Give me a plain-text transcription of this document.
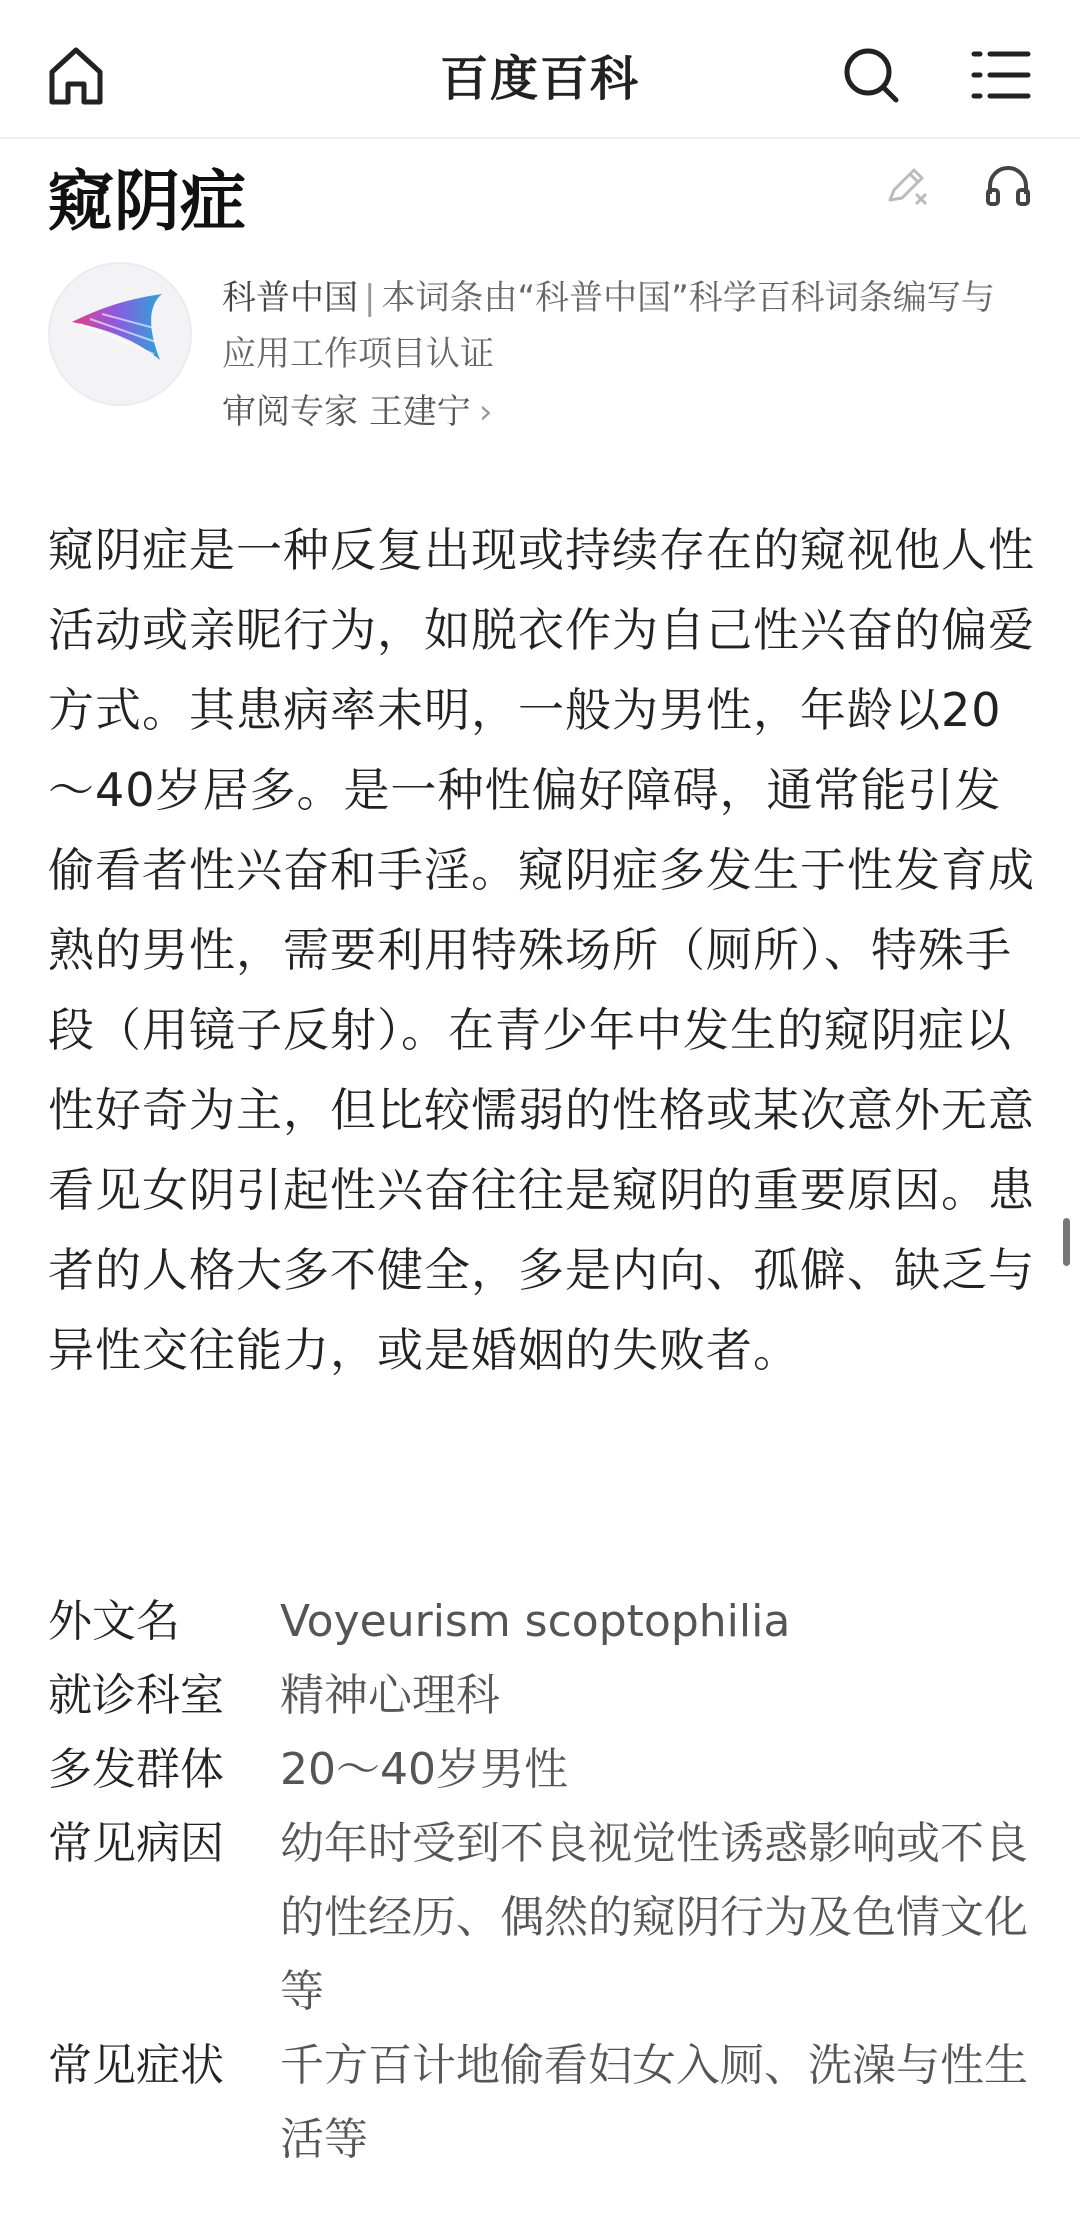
百度百科
窥阴症
科普中国 | 本词条由“科普中国”科学百科词条编写与应用工作项目认证
审阅专家 王建宁 ›
窥阴症是一种反复出现或持续存在的窥视他人性活动或亲昵行为，如脱衣作为自己性兴奋的偏爱方式。其患病率未明，一般为男性，年龄以20～40岁居多。是一种性偏好障碍，通常能引发偷看者性兴奋和手淫。窥阴症多发生于性发育成熟的男性，需要利用特殊场所（厕所）、特殊手段（用镜子反射）。在青少年中发生的窥阴症以性好奇为主，但比较懦弱的性格或某次意外无意看见女阴引起性兴奋往往是窥阴的重要原因。患者的人格大多不健全，多是内向、孤僻、缺乏与异性交往能力，或是婚姻的失败者。
外文名	Voyeurism scoptophilia
就诊科室	精神心理科
多发群体	20～40岁男性
常见病因	幼年时受到不良视觉性诱惑影响或不良的性经历、偶然的窥阴行为及色情文化等
常见症状	千方百计地偷看妇女入厕、洗澡与性生活等
